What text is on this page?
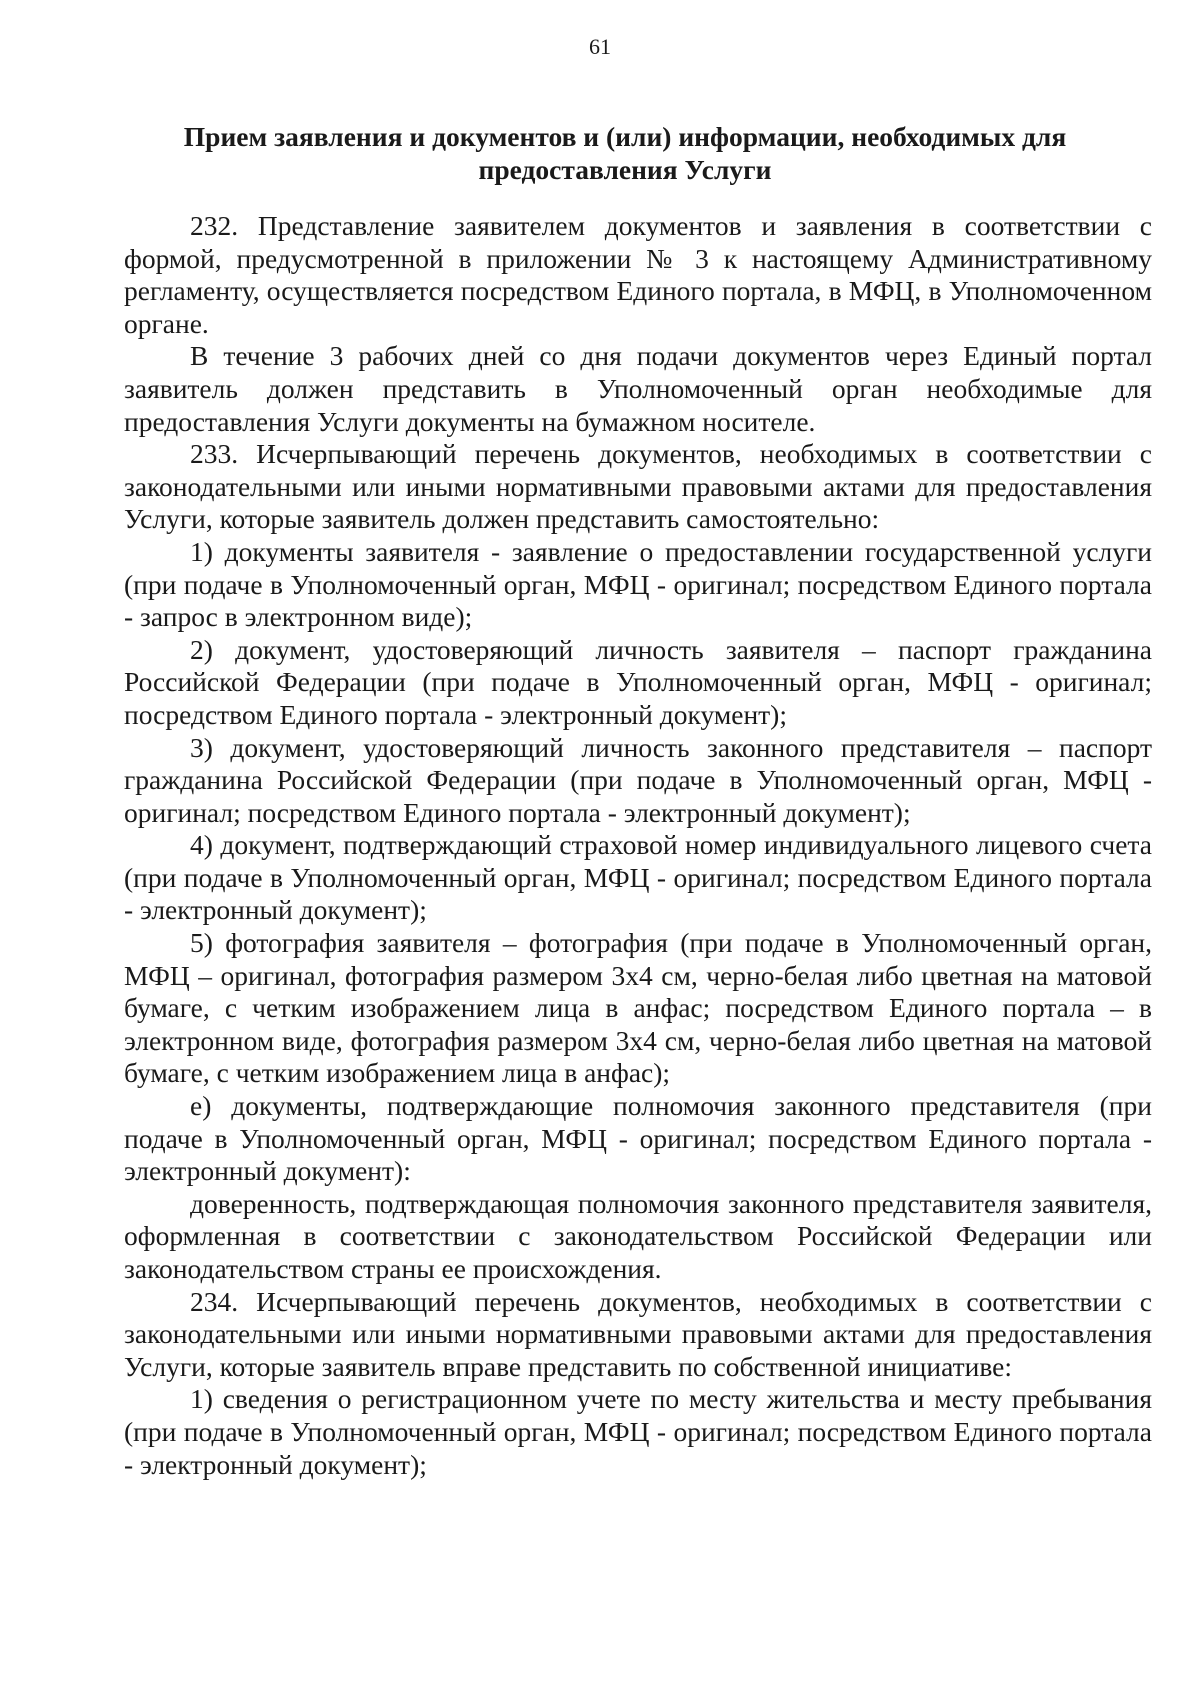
61
Прием заявления и документов и (или) информации, необходимых для предоставления Услуги

232. Представление заявителем документов и заявления в соответствии с формой, предусмотренной в приложении № 3 к настоящему Административному регламенту, осуществляется посредством Единого портала, в МФЦ, в Уполномоченном органе.

В течение 3 рабочих дней со дня подачи документов через Единый портал заявитель должен представить в Уполномоченный орган необходимые для предоставления Услуги документы на бумажном носителе.

233. Исчерпывающий перечень документов, необходимых в соответствии с законодательными или иными нормативными правовыми актами для предоставления Услуги, которые заявитель должен представить самостоятельно:

1) документы заявителя - заявление о предоставлении государственной услуги (при подаче в Уполномоченный орган, МФЦ - оригинал; посредством Единого портала - запрос в электронном виде);

2) документ, удостоверяющий личность заявителя – паспорт гражданина Российской Федерации (при подаче в Уполномоченный орган, МФЦ - оригинал; посредством Единого портала - электронный документ);

3) документ, удостоверяющий личность законного представителя – паспорт гражданина Российской Федерации (при подаче в Уполномоченный орган, МФЦ - оригинал; посредством Единого портала - электронный документ);

4) документ, подтверждающий страховой номер индивидуального лицевого счета (при подаче в Уполномоченный орган, МФЦ - оригинал; посредством Единого портала - электронный документ);

5) фотография заявителя – фотография (при подаче в Уполномоченный орган, МФЦ – оригинал, фотография размером 3х4 см, черно-белая либо цветная на матовой бумаге, с четким изображением лица в анфас; посредством Единого портала – в электронном виде, фотография размером 3х4 см, черно-белая либо цветная на матовой бумаге, с четким изображением лица в анфас);

е) документы, подтверждающие полномочия законного представителя (при подаче в Уполномоченный орган, МФЦ - оригинал; посредством Единого портала - электронный документ):

доверенность, подтверждающая полномочия законного представителя заявителя, оформленная в соответствии с законодательством Российской Федерации или законодательством страны ее происхождения.

234. Исчерпывающий перечень документов, необходимых в соответствии с законодательными или иными нормативными правовыми актами для предоставления Услуги, которые заявитель вправе представить по собственной инициативе:

1) сведения о регистрационном учете по месту жительства и месту пребывания (при подаче в Уполномоченный орган, МФЦ - оригинал; посредством Единого портала - электронный документ);
